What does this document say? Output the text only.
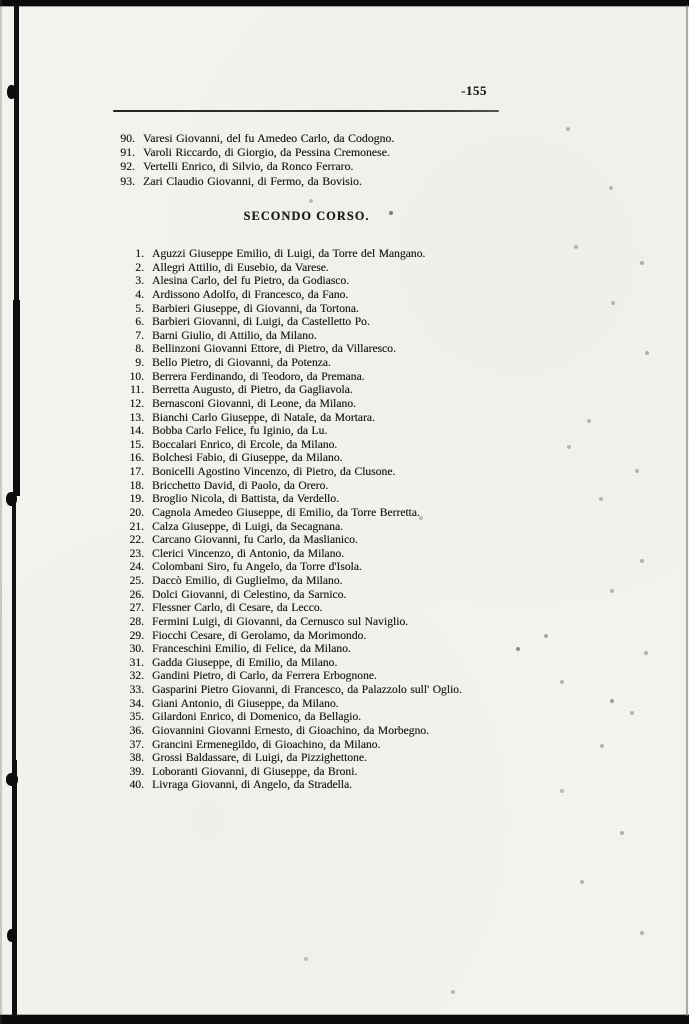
-155
90. Varesi Giovanni, del fu Amedeo Carlo, da Codogno.
91. Varoli Riccardo, di Giorgio, da Pessina Cremonese.
92. Vertelli Enrico, di Silvio, da Ronco Ferraro.
93. Zari Claudio Giovanni, di Fermo, da Bovisio.
SECONDO CORSO.
1. Aguzzi Giuseppe Emilio, di Luigi, da Torre del Mangano.
2. Allegri Attilio, di Eusebio, da Varese.
3. Alesina Carlo, del fu Pietro, da Godiasco.
4. Ardissono Adolfo, di Francesco, da Fano.
5. Barbieri Giuseppe, di Giovanni, da Tortona.
6. Barbieri Giovanni, di Luigi, da Castelletto Po.
7. Barni Giulio, di Attilio, da Milano.
8. Bellinzoni Giovanni Ettore, di Pietro, da Villaresco.
9. Bello Pietro, di Giovanni, da Potenza.
10. Berrera Ferdinando, di Teodoro, da Premana.
11. Berretta Augusto, di Pietro, da Gagliavola.
12. Bernasconi Giovanni, di Leone, da Milano.
13. Bianchi Carlo Giuseppe, di Natale, da Mortara.
14. Bobba Carlo Felice, fu Iginio, da Lu.
15. Boccalari Enrico, di Ercole, da Milano.
16. Bolchesi Fabio, di Giuseppe, da Milano.
17. Bonicelli Agostino Vincenzo, di Pietro, da Clusone.
18. Bricchetto David, di Paolo, da Orero.
19. Broglio Nicola, di Battista, da Verdello.
20. Cagnola Amedeo Giuseppe, di Emilio, da Torre Berretta.
21. Calza Giuseppe, di Luigi, da Secagnana.
22. Carcano Giovanni, fu Carlo, da Maslianico.
23. Clerici Vincenzo, di Antonio, da Milano.
24. Colombani Siro, fu Angelo, da Torre d'Isola.
25. Daccò Emilio, di Guglielmo, da Milano.
26. Dolci Giovanni, di Celestino, da Sarnico.
27. Flessner Carlo, di Cesare, da Lecco.
28. Fermini Luigi, di Giovanni, da Cernusco sul Naviglio.
29. Fiocchi Cesare, di Gerolamo, da Morimondo.
30. Franceschini Emilio, di Felice, da Milano.
31. Gadda Giuseppe, di Emilio, da Milano.
32. Gandini Pietro, di Carlo, da Ferrera Erbognone.
33. Gasparini Pietro Giovanni, di Francesco, da Palazzolo sull' Oglio.
34. Giani Antonio, di Giuseppe, da Milano.
35. Gilardoni Enrico, di Domenico, da Bellagio.
36. Giovannini Giovanni Ernesto, di Gioachino, da Morbegno.
37. Grancini Ermenegildo, di Gioachino, da Milano.
38. Grossi Baldassare, di Luigi, da Pizzighettone.
39. Loboranti Giovanni, di Giuseppe, da Broni.
40. Livraga Giovanni, di Angelo, da Stradella.
